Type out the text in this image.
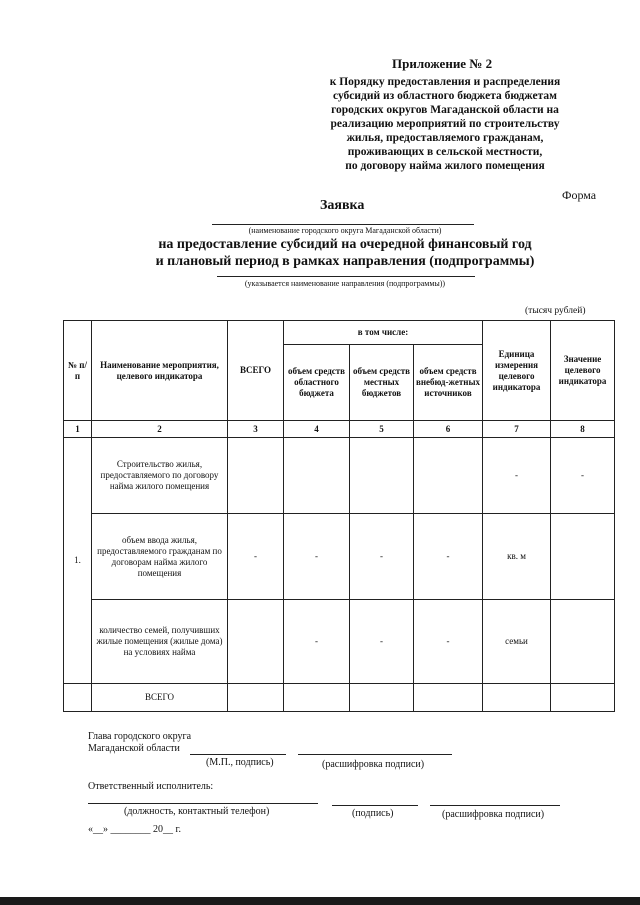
Приложение № 2
к Порядку предоставления и распределения
субсидий из областного бюджета бюджетам
городских округов Магаданской области на
реализацию мероприятий по строительству
жилья, предоставляемого гражданам,
проживающих в сельской местности,
по договору найма жилого помещения
Форма
Заявка
(наименование городского округа Магаданской области)
на предоставление субсидий на очередной финансовый год
и плановый период в рамках направления (подпрограммы)
(указывается наименование направления (подпрограммы))
(тысяч рублей)
№ п/п	Наименование мероприятия, целевого индикатора	ВСЕГО	в том числе:			Единица измерения целевого индикатора	Значение целевого индикатора
			объем средств областного бюджета	объем средств местных бюджетов	объем средств внебюд-жетных источников		
1	2	3	4	5	6	7	8
1.	Строительство жилья, предоставляемого по договору найма жилого помещения					-	-
	объем ввода жилья, предоставляемого гражданам по договорам найма жилого помещения	-	-	-	-	кв. м	
	количество семей, получивших жилые помещения (жилые дома) на условиях найма		-	-	-	семьи	
	ВСЕГО						
Глава городского округа
Магаданской области
(М.П., подпись)	(расшифровка подписи)
Ответственный исполнитель:
(должность, контактный телефон)	(подпись)	(расшифровка подписи)
«__» ________ 20__ г.
